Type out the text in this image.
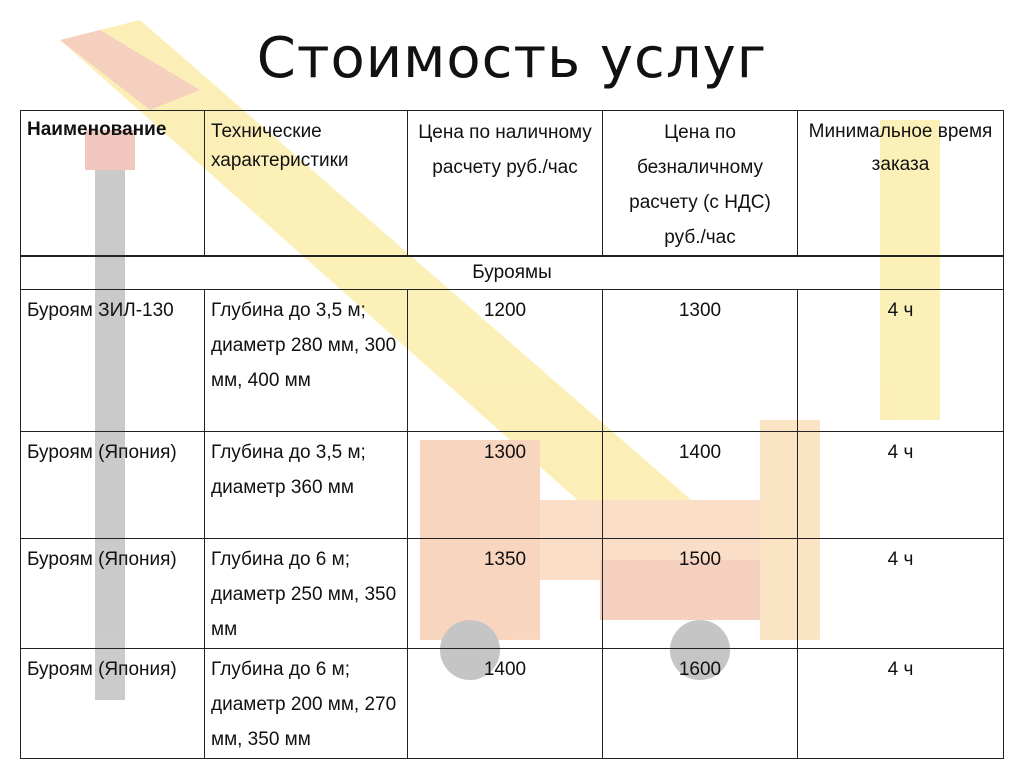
Стоимость услуг
Наименование	Технические характеристики	Цена по наличному расчету руб./час	Цена по безналичному расчету (с НДС) руб./час	Минимальное время заказа
Буроямы				
Буроям ЗИЛ-130	Глубина до 3,5 м; диаметр 280 мм, 300 мм, 400 мм	1200	1300	4 ч
Буроям (Япония)	Глубина до 3,5 м; диаметр 360 мм	1300	1400	4 ч
Буроям (Япония)	Глубина до 6 м; диаметр 250 мм, 350 мм	1350	1500	4 ч
Буроям (Япония)	Глубина до 6 м; диаметр 200 мм, 270 мм, 350 мм	1400	1600	4 ч
